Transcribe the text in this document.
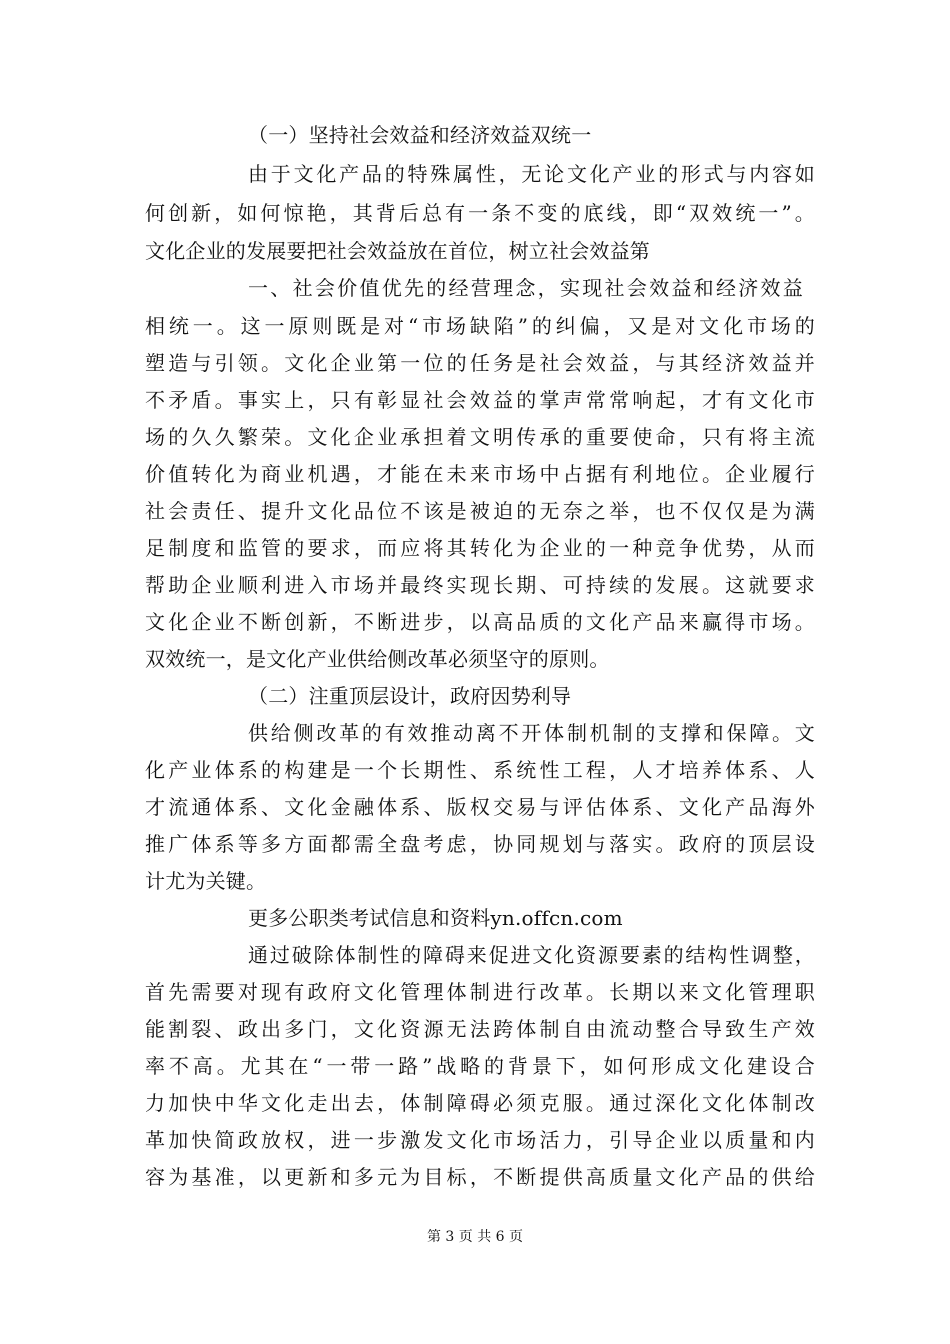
（一）坚持社会效益和经济效益双统一
由于文化产品的特殊属性，无论文化产业的形式与内容如
何创新，如何惊艳，其背后总有一条不变的底线，即“双效统一”。
文化企业的发展要把社会效益放在首位，树立社会效益第
一、社会价值优先的经营理念，实现社会效益和经济效益
相统一。这一原则既是对“市场缺陷”的纠偏，又是对文化市场的
塑造与引领。文化企业第一位的任务是社会效益，与其经济效益并
不矛盾。事实上，只有彰显社会效益的掌声常常响起，才有文化市
场的久久繁荣。文化企业承担着文明传承的重要使命，只有将主流
价值转化为商业机遇，才能在未来市场中占据有利地位。企业履行
社会责任、提升文化品位不该是被迫的无奈之举，也不仅仅是为满
足制度和监管的要求，而应将其转化为企业的一种竞争优势，从而
帮助企业顺利进入市场并最终实现长期、可持续的发展。这就要求
文化企业不断创新，不断进步，以高品质的文化产品来赢得市场。
双效统一，是文化产业供给侧改革必须坚守的原则。
（二）注重顶层设计，政府因势利导
供给侧改革的有效推动离不开体制机制的支撑和保障。文
化产业体系的构建是一个长期性、系统性工程，人才培养体系、人
才流通体系、文化金融体系、版权交易与评估体系、文化产品海外
推广体系等多方面都需全盘考虑，协同规划与落实。政府的顶层设
计尤为关键。
更多公职类考试信息和资料yn.offcn.com
通过破除体制性的障碍来促进文化资源要素的结构性调整，
首先需要对现有政府文化管理体制进行改革。长期以来文化管理职
能割裂、政出多门，文化资源无法跨体制自由流动整合导致生产效
率不高。尤其在“一带一路”战略的背景下，如何形成文化建设合
力加快中华文化走出去，体制障碍必须克服。通过深化文化体制改
革加快简政放权，进一步激发文化市场活力，引导企业以质量和内
容为基准，以更新和多元为目标，不断提供高质量文化产品的供给
第 3 页 共 6 页
